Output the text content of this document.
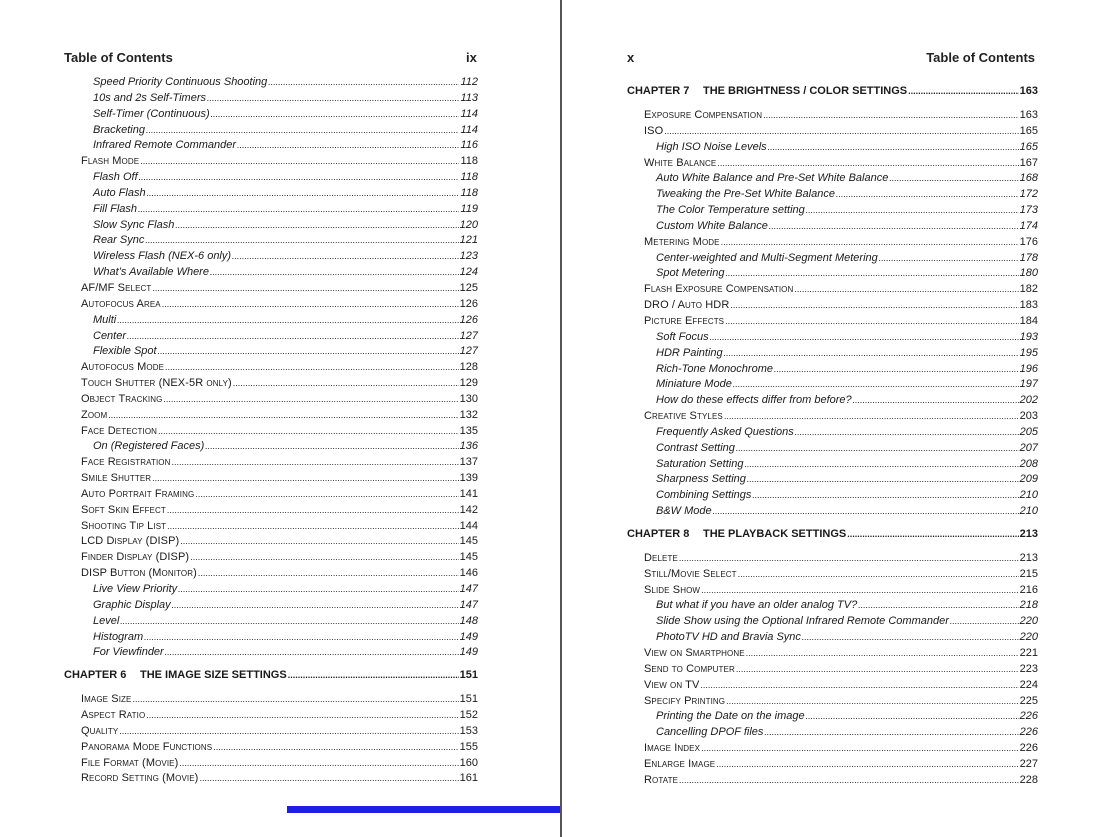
Table of Contents	ix
Speed Priority Continuous Shooting .....	112
10s and 2s Self-Timers .....	113
Self-Timer (Continuous) .....	114
Bracketing .....	114
Infrared Remote Commander .....	116
Flash Mode .....	118
Flash Off .....	118
Auto Flash .....	118
Fill Flash .....	119
Slow Sync Flash .....	120
Rear Sync .....	121
Wireless Flash (NEX-6 only) .....	123
What’s Available Where .....	124
AF/MF Select .....	125
Autofocus Area .....	126
Multi .....	126
Center .....	127
Flexible Spot .....	127
Autofocus Mode .....	128
Touch Shutter (NEX-5R only) .....	129
Object Tracking .....	130
Zoom .....	132
Face Detection .....	135
On (Registered Faces) .....	136
Face Registration .....	137
Smile Shutter .....	139
Auto Portrait Framing .....	141
Soft Skin Effect .....	142
Shooting Tip List .....	144
LCD Display (DISP) .....	145
Finder Display (DISP) .....	145
DISP Button (Monitor) .....	146
Live View Priority .....	147
Graphic Display .....	147
Level .....	148
Histogram .....	149
For Viewfinder .....	149
CHAPTER 6 THE IMAGE SIZE SETTINGS .....	151
Image Size .....	151
Aspect Ratio .....	152
Quality .....	153
Panorama Mode Functions .....	155
File Format (Movie) .....	160
Record Setting (Movie) .....	161
x	Table of Contents
CHAPTER 7 THE BRIGHTNESS / COLOR SETTINGS .....	163
Exposure Compensation .....	163
ISO .....	165
High ISO Noise Levels .....	165
White Balance .....	167
Auto White Balance and Pre-Set White Balance .....	168
Tweaking the Pre-Set White Balance .....	172
The Color Temperature setting .....	173
Custom White Balance .....	174
Metering Mode .....	176
Center-weighted and Multi-Segment Metering .....	178
Spot Metering .....	180
Flash Exposure Compensation .....	182
DRO / Auto HDR .....	183
Picture Effects .....	184
Soft Focus .....	193
HDR Painting .....	195
Rich-Tone Monochrome .....	196
Miniature Mode .....	197
How do these effects differ from before? .....	202
Creative Styles .....	203
Frequently Asked Questions .....	205
Contrast Setting .....	207
Saturation Setting .....	208
Sharpness Setting .....	209
Combining Settings .....	210
B&W Mode .....	210
CHAPTER 8 THE PLAYBACK SETTINGS .....	213
Delete .....	213
Still/Movie Select .....	215
Slide Show .....	216
But what if you have an older analog TV? .....	218
Slide Show using the Optional Infrared Remote Commander .....	220
PhotoTV HD and Bravia Sync .....	220
View on Smartphone .....	221
Send to Computer .....	223
View on TV .....	224
Specify Printing .....	225
Printing the Date on the image .....	226
Cancelling DPOF files .....	226
Image Index .....	226
Enlarge Image .....	227
Rotate .....	228
